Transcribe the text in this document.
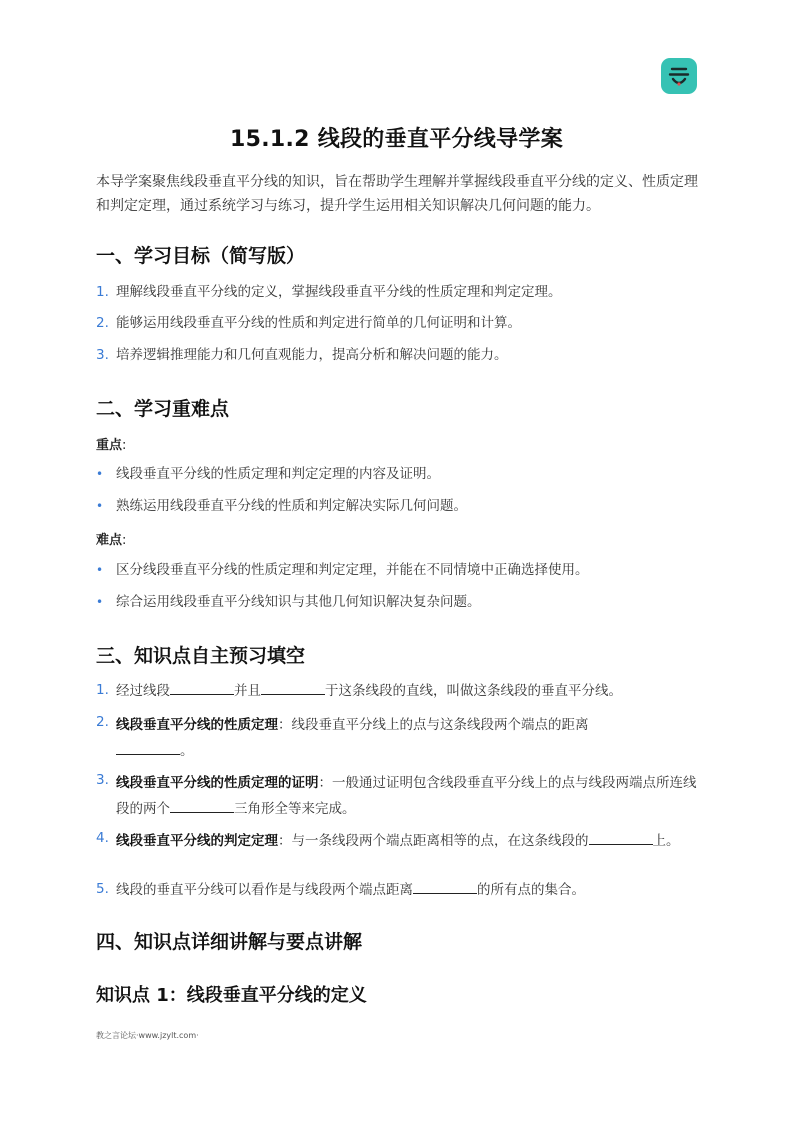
15.1.2 线段的垂直平分线导学案
本导学案聚焦线段垂直平分线的知识，旨在帮助学生理解并掌握线段垂直平分线的定义、性质定理和判定定理，通过系统学习与练习，提升学生运用相关知识解决几何问题的能力。
一、学习目标（简写版）
1. 理解线段垂直平分线的定义，掌握线段垂直平分线的性质定理和判定定理。
2. 能够运用线段垂直平分线的性质和判定进行简单的几何证明和计算。
3. 培养逻辑推理能力和几何直观能力，提高分析和解决问题的能力。
二、学习重难点
重点:
• 线段垂直平分线的性质定理和判定定理的内容及证明。
• 熟练运用线段垂直平分线的性质和判定解决实际几何问题。
难点:
• 区分线段垂直平分线的性质定理和判定定理，并能在不同情境中正确选择使用。
• 综合运用线段垂直平分线知识与其他几何知识解决复杂问题。
三、知识点自主预习填空
1. 经过线段	并且	于这条线段的直线，叫做这条线段的垂直平分线。
2. 线段垂直平分线的性质定理：线段垂直平分线上的点与这条线段两个端点的距离
。
3. 线段垂直平分线的性质定理的证明：一般通过证明包含线段垂直平分线上的点与线段两端点所连线段的两个	三角形全等来完成。
4. 线段垂直平分线的判定定理：与一条线段两个端点距离相等的点，在这条线段的	上。
5. 线段的垂直平分线可以看作是与线段两个端点距离	的所有点的集合。
四、知识点详细讲解与要点讲解
知识点 1：线段垂直平分线的定义
教之言论坛·www.jzylt.com·
